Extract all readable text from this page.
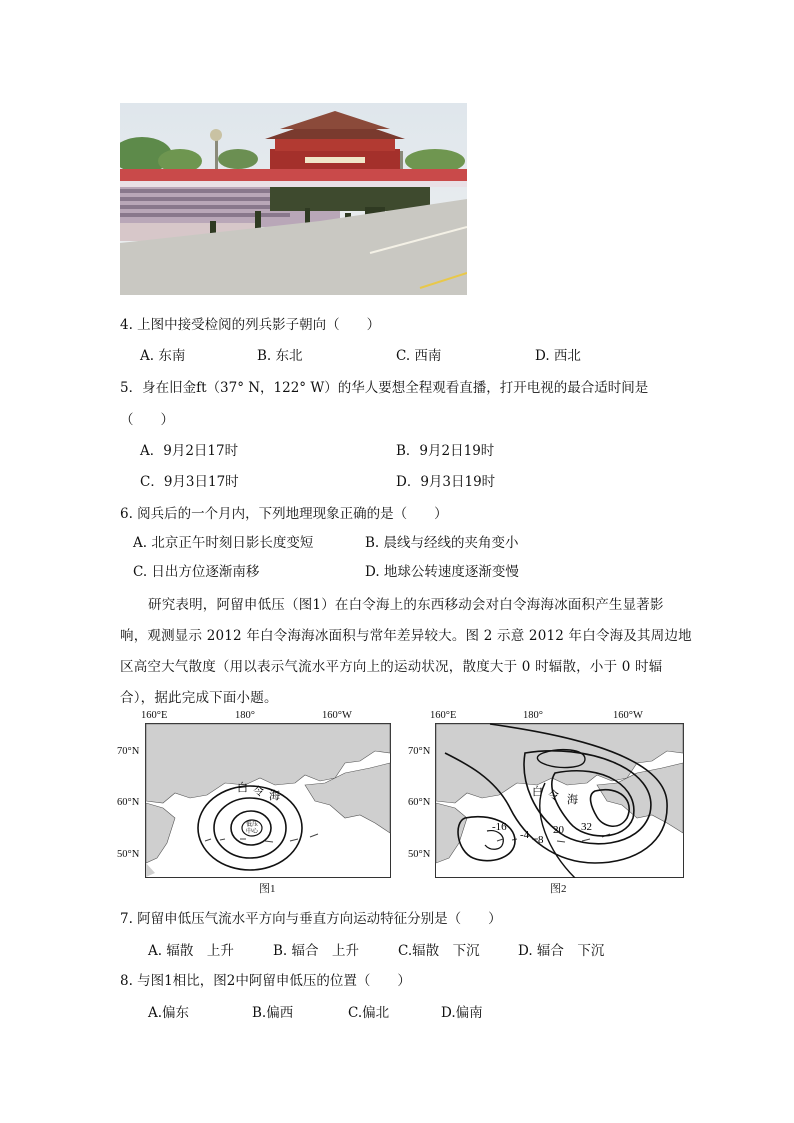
4. 上图中接受检阅的列兵影子朝向（　　）
A. 东南	B. 东北	C. 西南	D. 西北
5．身在旧金ft（37° N，122° W）的华人要想全程观看直播，打开电视的最合适时间是
（　　）
A．9月2日17时	B．9月2日19时
C．9月3日17时	D．9月3日19时
6. 阅兵后的一个月内，下列地理现象正确的是（　　）
A. 北京正午时刻日影长度变短	B. 晨线与经线的夹角变小
C. 日出方位逐渐南移	D. 地球公转速度逐渐变慢
研究表明，阿留申低压（图1）在白令海上的东西移动会对白令海海冰面积产生显著影
响，观测显示 2012 年白令海海冰面积与常年差异较大。图 2 示意 2012 年白令海及其周边地
区高空大气散度（用以表示气流水平方向上的运动状况，散度大于 0 时辐散，小于 0 时辐
合），据此完成下面小题。
160°E	180°	160°W
70°N
60°N
50°N
白 令 海
低压
中心
图1
160°E	180°	160°W
70°N
60°N
50°N
白 令 海
-16
-4 8
20 32
图2
7. 阿留申低压气流水平方向与垂直方向运动特征分别是（　　）
A. 辐散　上升	B. 辐合　上升	C.辐散　下沉	D. 辐合　下沉
8. 与图1相比，图2中阿留申低压的位置（　　）
A.偏东	B.偏西	C.偏北	D.偏南
